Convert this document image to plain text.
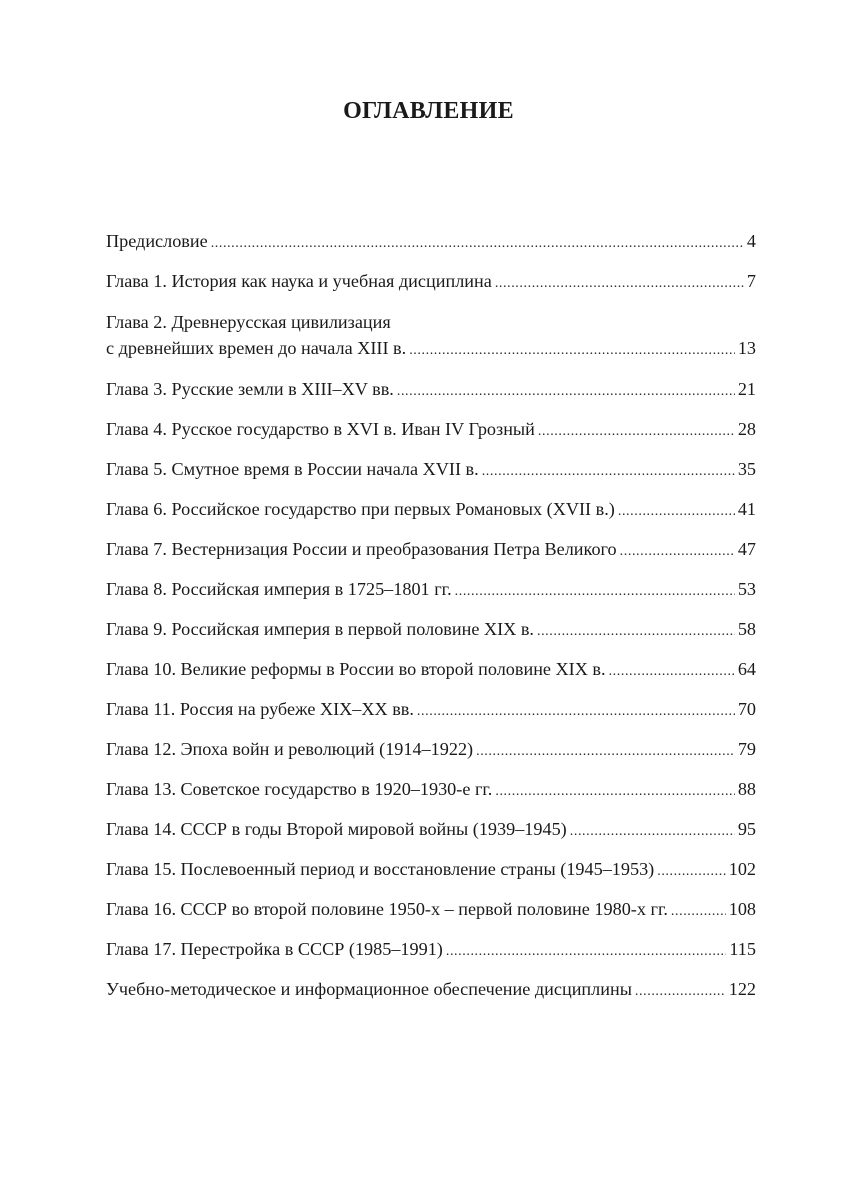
ОГЛАВЛЕНИЕ
Предисловие .....	4
Глава 1. История как наука и учебная дисциплина .....	7
Глава 2. Древнерусская цивилизация
с древнейших времен до начала XIII в. .....	13
Глава 3. Русские земли в XIII–XV вв. .....	21
Глава 4. Русское государство в XVI в. Иван IV Грозный .....	28
Глава 5. Смутное время в России начала XVII в. .....	35
Глава 6. Российское государство при первых Романовых (XVII в.) .....	41
Глава 7. Вестернизация России и преобразования Петра Великого .....	47
Глава 8. Российская империя в 1725–1801 гг. .....	53
Глава 9. Российская империя в первой половине XIX в. .....	58
Глава 10. Великие реформы в России во второй половине XIX в. .....	64
Глава 11. Россия на рубеже XIX–XX вв. .....	70
Глава 12. Эпоха войн и революций (1914–1922) .....	79
Глава 13. Советское государство в 1920–1930-е гг. .....	88
Глава 14. СССР в годы Второй мировой войны (1939–1945) .....	95
Глава 15. Послевоенный период и восстановление страны (1945–1953) .....	102
Глава 16. СССР во второй половине 1950-х – первой половине 1980-х гг. .....	108
Глава 17. Перестройка в СССР (1985–1991) .....	115
Учебно-методическое и информационное обеспечение дисциплины .....	122
